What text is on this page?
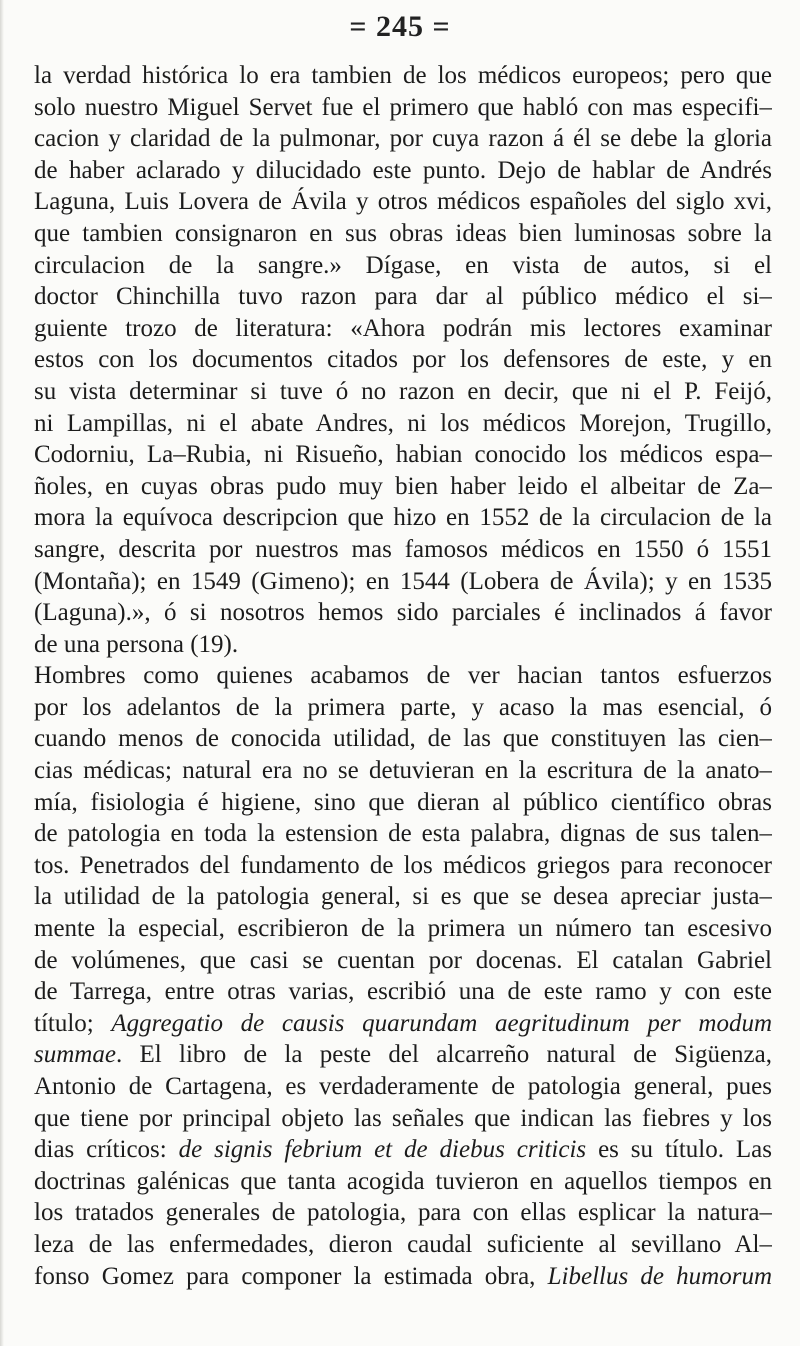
= 245 =
la verdad histórica lo era tambien de los médicos europeos; pero que
solo nuestro Miguel Servet fue el primero que habló con mas especifi–
cacion y claridad de la pulmonar, por cuya razon á él se debe la gloria
de haber aclarado y dilucidado este punto. Dejo de hablar de Andrés
Laguna, Luis Lovera de Ávila y otros médicos españoles del siglo xvi,
que tambien consignaron en sus obras ideas bien luminosas sobre la
circulacion de la sangre.» Dígase, en vista de autos, si el
doctor Chinchilla tuvo razon para dar al público médico el si–
guiente trozo de literatura: «Ahora podrán mis lectores examinar
estos con los documentos citados por los defensores de este, y en
su vista determinar si tuve ó no razon en decir, que ni el P. Feijó,
ni Lampillas, ni el abate Andres, ni los médicos Morejon, Trugillo,
Codorniu, La–Rubia, ni Risueño, habian conocido los médicos espa–
ñoles, en cuyas obras pudo muy bien haber leido el albeitar de Za–
mora la equívoca descripcion que hizo en 1552 de la circulacion de la
sangre, descrita por nuestros mas famosos médicos en 1550 ó 1551
(Montaña); en 1549 (Gimeno); en 1544 (Lobera de Ávila); y en 1535
(Laguna).», ó si nosotros hemos sido parciales é inclinados á favor
de una persona (19).
Hombres como quienes acabamos de ver hacian tantos esfuerzos
por los adelantos de la primera parte, y acaso la mas esencial, ó
cuando menos de conocida utilidad, de las que constituyen las cien–
cias médicas; natural era no se detuvieran en la escritura de la anato–
mía, fisiologia é higiene, sino que dieran al público científico obras
de patologia en toda la estension de esta palabra, dignas de sus talen–
tos. Penetrados del fundamento de los médicos griegos para reconocer
la utilidad de la patologia general, si es que se desea apreciar justa–
mente la especial, escribieron de la primera un número tan escesivo
de volúmenes, que casi se cuentan por docenas. El catalan Gabriel
de Tarrega, entre otras varias, escribió una de este ramo y con este
título; Aggregatio de causis quarundam aegritudinum per modum
summae. El libro de la peste del alcarreño natural de Sigüenza,
Antonio de Cartagena, es verdaderamente de patologia general, pues
que tiene por principal objeto las señales que indican las fiebres y los
dias críticos: de signis febrium et de diebus criticis es su título. Las
doctrinas galénicas que tanta acogida tuvieron en aquellos tiempos en
los tratados generales de patologia, para con ellas esplicar la natura–
leza de las enfermedades, dieron caudal suficiente al sevillano Al–
fonso Gomez para componer la estimada obra, Libellus de humorum
